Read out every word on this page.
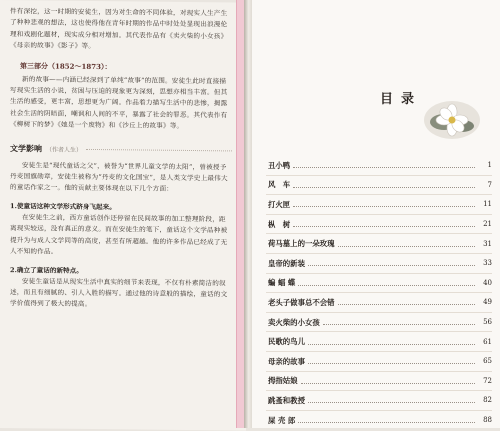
件有深挖，这一时期的安徒生，因为对生命的不同体验，对现实人生产生了种种悲观的想法，这也使得他在青年时期的作品中时处处显现出浪漫伦理和戏剧化题材，现实成分相对增加。其代表作品有《卖火柴的小女孩》《母亲的故事》《影子》等。

第三部分（1852～1873）：

新的故事——内涵已经深到了单纯“故事”的范围。安徒生此时直接描写现实生活的小说，贫困与压迫的现象更为深刻，思想亦相当丰富。但其生活的感受，更丰富，思想更为广阔。作品着力描写生活中的悲惨，揭露社会生活的阴暗面，嘲讽和人间的不平，暴露了社会的罪恶。其代表作有《柳树下的梦》《她是一个废物》和《沙丘上的故事》等。

文学影响 （作者人生）

安徒生是“现代童话之父”，被誉为“世界儿童文学的太阳”，曾被授予丹麦国旗勋章，安徒生被称为“丹麦的文化国宝”，是人类文学史上最伟大的童话作家之一。他的贡献主要体现在以下几个方面：

1.使童话这种文学形式跻身飞起来。

在安徒生之前，西方童话创作还停留在民间故事的加工整理阶段，距离现实较远，没有真正的意义。而在安徒生的笔下，童话这个文学品种被提升为与成人文学同等的高度，甚至有所超越。他的许多作品已经成了无人不知的作品。

2.确立了童话的新特点。

安徒生童话是从现实生活中真实的细节来表现，不仅有朴素简洁的叙述，而且有细腻的、引人入胜的描写。通过他的诗意般的描绘，童话的文学价值得到了极大的提高。

目录
丑小鸭	1
风　车	7
打火匣	11
枞　树	21
荷马墓上的一朵玫瑰	31
皇帝的新装	33
蝙 蝠 蝶	40
老头子做事总不会错	49
卖火柴的小女孩	56
民歌的鸟儿	61
母亲的故事	65
拇指姑娘	72
跳蚤和教授	82
屎 壳 郎	88
